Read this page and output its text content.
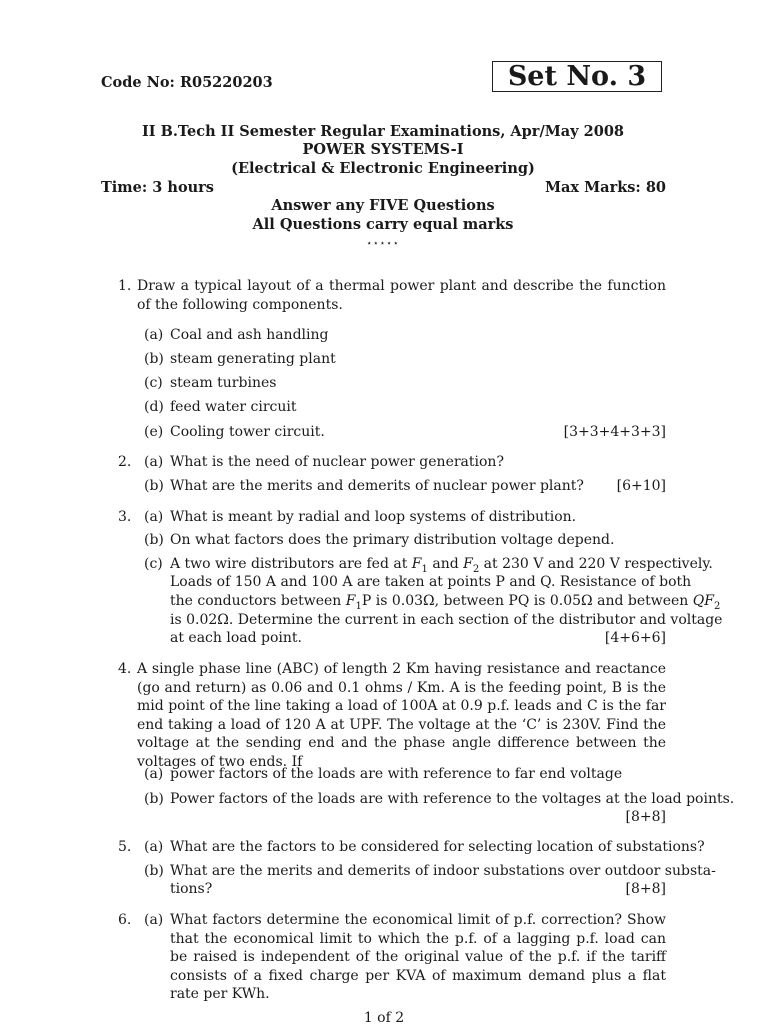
Code No: R05220203	Set No. 3
II B.Tech II Semester Regular Examinations, Apr/May 2008
POWER SYSTEMS-I
(Electrical & Electronic Engineering)
Time: 3 hours	Max Marks: 80
Answer any FIVE Questions
All Questions carry equal marks
⋆⋆⋆⋆⋆
1. Draw a typical layout of a thermal power plant and describe the function of the following components.
(a) Coal and ash handling
(b) steam generating plant
(c) steam turbines
(d) feed water circuit
(e) Cooling tower circuit.	[3+3+4+3+3]
2. (a) What is the need of nuclear power generation?
(b) What are the merits and demerits of nuclear power plant?	[6+10]
3. (a) What is meant by radial and loop systems of distribution.
(b) On what factors does the primary distribution voltage depend.
(c) A two wire distributors are fed at $F_1$ and $F_2$ at 230 V and 220 V respectively.
Loads of 150 A and 100 A are taken at points P and Q. Resistance of both
the conductors between $F_1P$ is 0.03Ω, between PQ is 0.05Ω and between $QF_2$
is 0.02Ω. Determine the current in each section of the distributor and voltage
at each load point.	[4+6+6]
4. A single phase line (ABC) of length 2 Km having resistance and reactance (go and return) as 0.06 and 0.1 ohms / Km. A is the feeding point, B is the mid point of the line taking a load of 100A at 0.9 p.f. leads and C is the far end taking a load of 120 A at UPF. The voltage at the ‘C’ is 230V. Find the voltage at the sending end and the phase angle difference between the voltages of two ends. If
(a) power factors of the loads are with reference to far end voltage
(b) Power factors of the loads are with reference to the voltages at the load points.
[8+8]
5. (a) What are the factors to be considered for selecting location of substations?
(b) What are the merits and demerits of indoor substations over outdoor substa-
tions?	[8+8]
6. (a) What factors determine the economical limit of p.f. correction? Show that the economical limit to which the p.f. of a lagging p.f. load can be raised is independent of the original value of the p.f. if the tariff consists of a fixed charge per KVA of maximum demand plus a flat rate per KWh.
1 of 2
